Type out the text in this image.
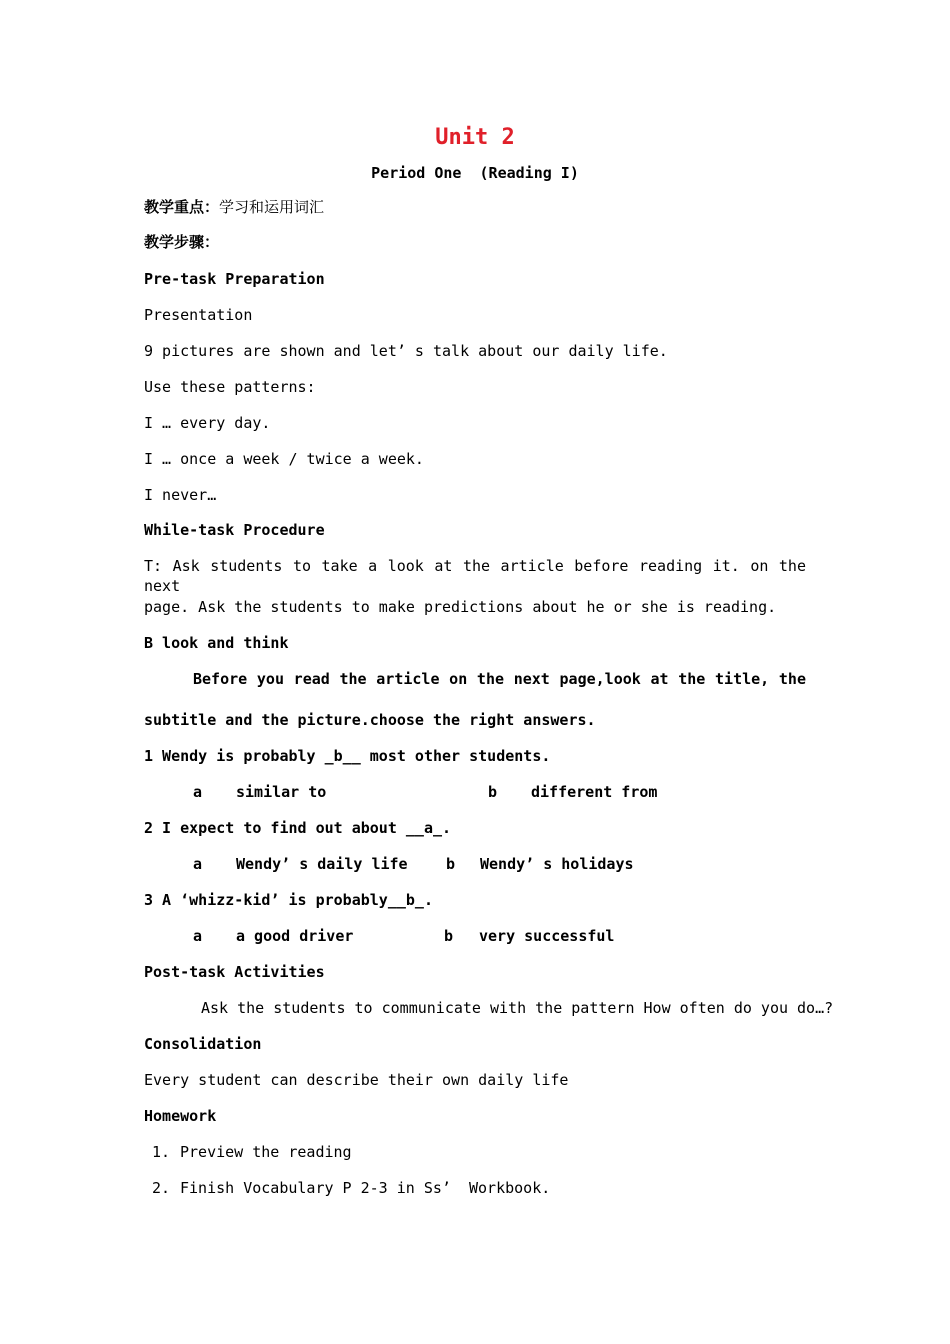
Unit 2
Period One  (Reading I)
教学重点：学习和运用词汇
教学步骤：
Pre-task Preparation
Presentation
9 pictures are shown and let’ s talk about our daily life.
Use these patterns:
I … every day.
I … once a week / twice a week.
I never…
While-task Procedure
T: Ask students to take a look at the article before reading it. on the next
page. Ask the students to make predictions about he or she is reading.
B look and think
Before you read the article on the next page,look at the title, the
subtitle and the picture.choose the right answers.
1 Wendy is probably _b__ most other students.
a similar to	b different from
2 I expect to find out about __a_.
a Wendy’ s daily life	b Wendy’ s holidays
3 A ‘whizz-kid’ is probably__b_.
a a good driver	b very successful
Post-task Activities
Ask the students to communicate with the pattern How often do you do…?
Consolidation
Every student can describe their own daily life
Homework
1. Preview the reading
2. Finish Vocabulary P 2-3 in Ss’  Workbook.
